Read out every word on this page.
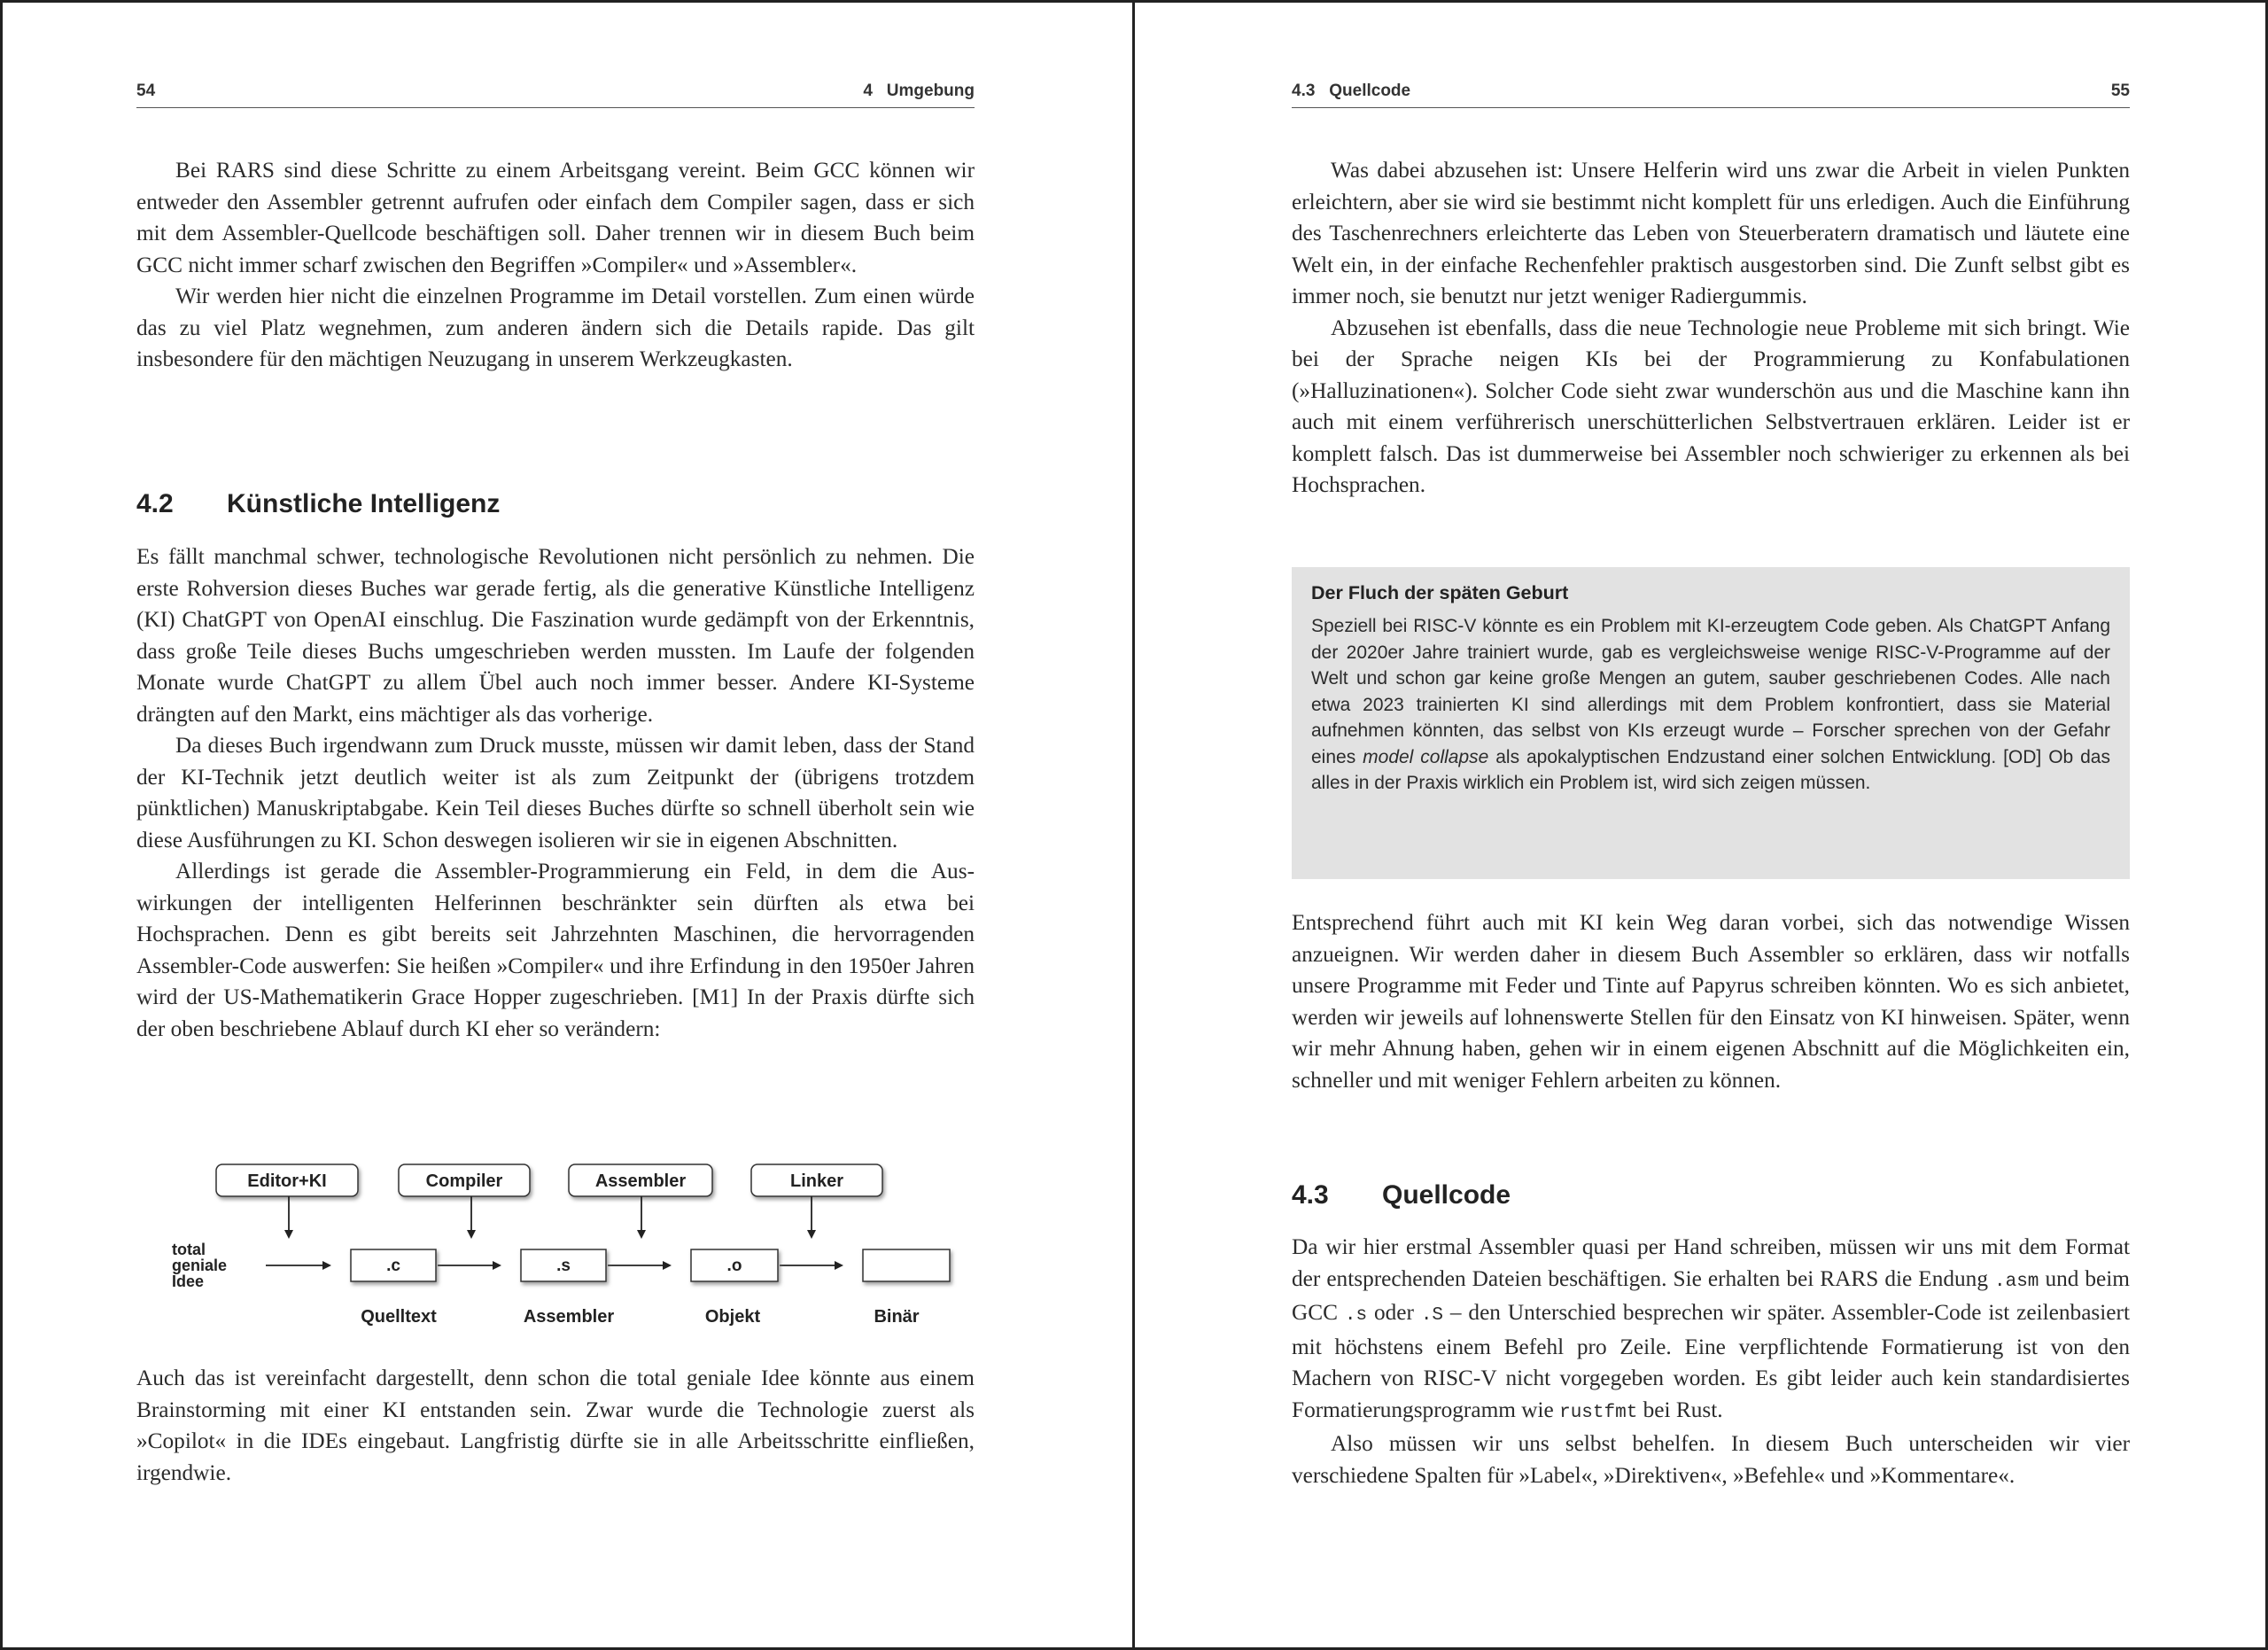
54	4   Umgebung

Bei RARS sind diese Schritte zu einem Arbeitsgang vereint. Beim GCC können wir entweder den Assembler getrennt aufrufen oder einfach dem Compiler sagen, dass er sich mit dem Assembler-Quellcode beschäftigen soll. Daher trennen wir in diesem Buch beim GCC nicht immer scharf zwischen den Begriffen »Compiler« und »Assembler«.

Wir werden hier nicht die einzelnen Programme im Detail vorstellen. Zum einen würde das zu viel Platz wegnehmen, zum anderen ändern sich die Details rapide. Das gilt insbesondere für den mächtigen Neuzugang in unserem Werkzeugkasten.

4.2 Künstliche Intelligenz

Es fällt manchmal schwer, technologische Revolutionen nicht persönlich zu nehmen. Die erste Rohversion dieses Buches war gerade fertig, als die generative Künstliche Intelligenz (KI) ChatGPT von OpenAI einschlug. Die Faszination wurde gedämpft von der Erkenntnis, dass große Teile dieses Buchs umgeschrieben werden mussten. Im Laufe der folgenden Monate wurde ChatGPT zu allem Übel auch noch immer besser. Andere KI-Systeme drängten auf den Markt, eins mächtiger als das vorherige.

Da dieses Buch irgendwann zum Druck musste, müssen wir damit leben, dass der Stand der KI-Technik jetzt deutlich weiter ist als zum Zeitpunkt der (übrigens trotzdem pünktlichen) Manuskriptabgabe. Kein Teil dieses Buches dürfte so schnell überholt sein wie diese Ausführungen zu KI. Schon deswegen isolieren wir sie in eigenen Abschnitten.

Allerdings ist gerade die Assembler-Programmierung ein Feld, in dem die Auswirkungen der intelligenten Helferinnen beschränkter sein dürften als etwa bei Hochsprachen. Denn es gibt bereits seit Jahrzehnten Maschinen, die hervorragenden Assembler-Code auswerfen: Sie heißen »Compiler« und ihre Erfindung in den 1950er Jahren wird der US-Mathematikerin Grace Hopper zugeschrieben. [M1] In der Praxis dürfte sich der oben beschriebene Ablauf durch KI eher so verändern:

Editor+KI	Compiler	Assembler	Linker
total geniale Idee
.c	.s	.o
Quelltext	Assembler	Objekt	Binär

Auch das ist vereinfacht dargestellt, denn schon die total geniale Idee könnte aus einem Brainstorming mit einer KI entstanden sein. Zwar wurde die Technologie zuerst als »Copilot« in die IDEs eingebaut. Langfristig dürfte sie in alle Arbeitsschritte einfließen, irgendwie.

4.3   Quellcode	55

Was dabei abzusehen ist: Unsere Helferin wird uns zwar die Arbeit in vielen Punkten erleichtern, aber sie wird sie bestimmt nicht komplett für uns erledigen. Auch die Einführung des Taschenrechners erleichterte das Leben von Steuerberatern dramatisch und läutete eine Welt ein, in der einfache Rechenfehler praktisch ausgestorben sind. Die Zunft selbst gibt es immer noch, sie benutzt nur jetzt weniger Radiergummis.

Abzusehen ist ebenfalls, dass die neue Technologie neue Probleme mit sich bringt. Wie bei der Sprache neigen KIs bei der Programmierung zu Konfabulationen (»Halluzinationen«). Solcher Code sieht zwar wunderschön aus und die Maschine kann ihn auch mit einem verführerisch unerschütterlichen Selbstvertrauen erklären. Leider ist er komplett falsch. Das ist dummerweise bei Assembler noch schwieriger zu erkennen als bei Hochsprachen.

Der Fluch der späten Geburt
Speziell bei RISC-V könnte es ein Problem mit KI-erzeugtem Code geben. Als ChatGPT Anfang der 2020er Jahre trainiert wurde, gab es vergleichsweise wenige RISC-V-Programme auf der Welt und schon gar keine große Mengen an gutem, sauber geschriebenen Codes. Alle nach etwa 2023 trainierten KI sind allerdings mit dem Problem konfrontiert, dass sie Material aufnehmen könnten, das selbst von KIs erzeugt wurde – Forscher sprechen von der Gefahr eines model collapse als apokalyptischen Endzustand einer solchen Entwicklung. [OD] Ob das alles in der Praxis wirklich ein Problem ist, wird sich zeigen müssen.

Entsprechend führt auch mit KI kein Weg daran vorbei, sich das notwendige Wissen anzueignen. Wir werden daher in diesem Buch Assembler so erklären, dass wir notfalls unsere Programme mit Feder und Tinte auf Papyrus schreiben könnten. Wo es sich anbietet, werden wir jeweils auf lohnenswerte Stellen für den Einsatz von KI hinweisen. Später, wenn wir mehr Ahnung haben, gehen wir in einem eigenen Abschnitt auf die Möglichkeiten ein, schneller und mit weniger Fehlern arbeiten zu können.

4.3 Quellcode

Da wir hier erstmal Assembler quasi per Hand schreiben, müssen wir uns mit dem Format der entsprechenden Dateien beschäftigen. Sie erhalten bei RARS die Endung .asm und beim GCC .s oder .S – den Unterschied besprechen wir später. Assembler-Code ist zeilenbasiert mit höchstens einem Befehl pro Zeile. Eine verpflichtende Formatierung ist von den Machern von RISC-V nicht vorgegeben worden. Es gibt leider auch kein standardisiertes Formatierungsprogramm wie rustfmt bei Rust.

Also müssen wir uns selbst behelfen. In diesem Buch unterscheiden wir vier verschiedene Spalten für »Label«, »Direktiven«, »Befehle« und »Kommentare«.
